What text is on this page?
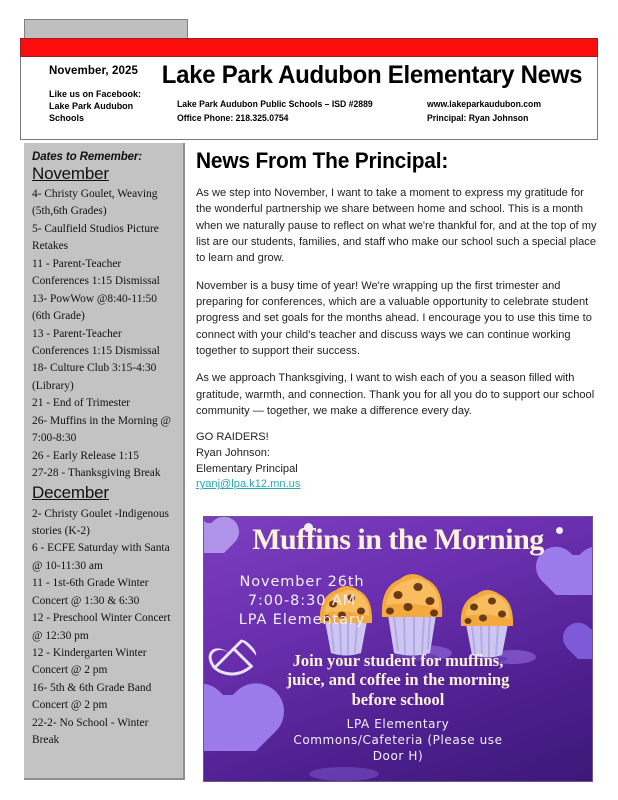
November, 2025
Like us on Facebook:
Lake Park Audubon Schools
Lake Park Audubon Elementary News
Lake Park Audubon Public Schools – ISD #2889
Office Phone: 218.325.0754
www.lakeparkaudubon.com
Principal: Ryan Johnson
Dates to Remember:
November
4- Christy Goulet, Weaving (5th,6th Grades)
5- Caulfield Studios Picture Retakes
11 - Parent-Teacher Conferences 1:15 Dismissal
13- PowWow @8:40-11:50 (6th Grade)
13 - Parent-Teacher Conferences 1:15 Dismissal
18- Culture Club 3:15-4:30 (Library)
21 - End of Trimester
26- Muffins in the Morning @ 7:00-8:30
26 - Early Release 1:15
27-28 - Thanksgiving Break
December
2- Christy Goulet -Indigenous stories (K-2)
6 - ECFE Saturday with Santa @ 10-11:30 am
11 - 1st-6th Grade Winter Concert @ 1:30 & 6:30
12 - Preschool Winter Concert @ 12:30 pm
12 - Kindergarten Winter Concert @ 2 pm
16- 5th & 6th Grade Band Concert @ 2 pm
22-2- No School - Winter Break
News From The Principal:

As we step into November, I want to take a moment to express my gratitude for the wonderful partnership we share between home and school. This is a month when we naturally pause to reflect on what we're thankful for, and at the top of my list are our students, families, and staff who make our school such a special place to learn and grow.

November is a busy time of year! We're wrapping up the first trimester and preparing for conferences, which are a valuable opportunity to celebrate student progress and set goals for the months ahead. I encourage you to use this time to connect with your child's teacher and discuss ways we can continue working together to support their success.

As we approach Thanksgiving, I want to wish each of you a season filled with gratitude, warmth, and connection. Thank you for all you do to support our school community — together, we make a difference every day.

GO RAIDERS!
Ryan Johnson:
Elementary Principal
ryanj@lpa.k12.mn.us
Muffins in the Morning
November 26th
7:00-8:30 AM
LPA Elementary
Join your student for muffins,
juice, and coffee in the morning
before school
LPA Elementary
Commons/Cafeteria (Please use
Door H)
